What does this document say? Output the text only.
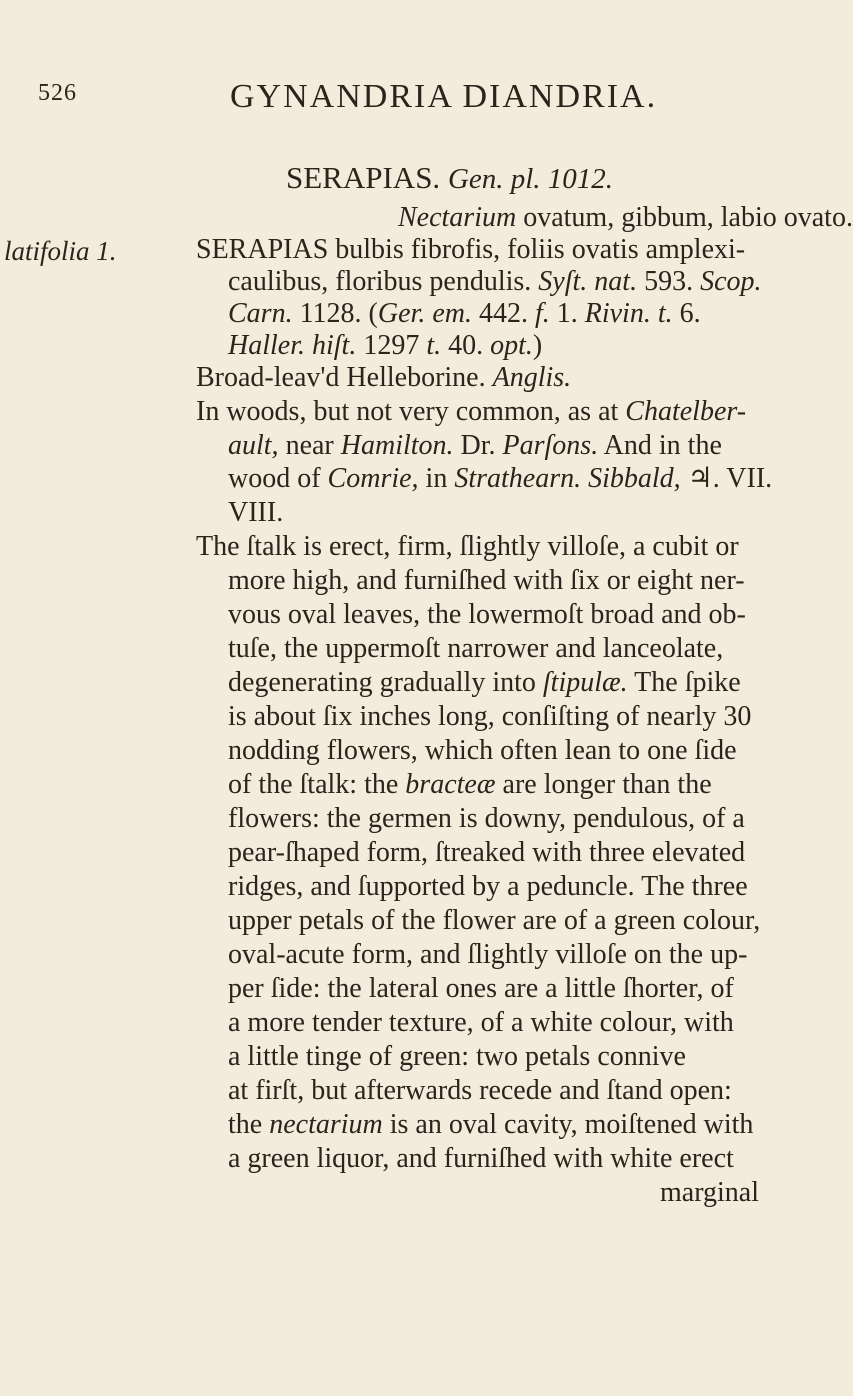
526	GYNANDRIA DIANDRIA.
SERAPIAS. Gen. pl. 1012.
latifolia 1.
Nectarium ovatum, gibbum, labio ovato.
SERAPIAS bulbis fibrofis, foliis ovatis amplexi-
caulibus, floribus pendulis. Syſt. nat. 593. Scop.
Carn. 1128. (Ger. em. 442. f. 1. Rivin. t. 6.
Haller. hiſt. 1297 t. 40. opt.)
Broad-leav'd Helleborine. Anglis.
In woods, but not very common, as at Chatelber-
ault, near Hamilton. Dr. Parſons. And in the
wood of Comrie, in Strathearn. Sibbald, ♃. VII.
VIII.
The ſtalk is erect, firm, ſlightly villoſe, a cubit or
more high, and furniſhed with ſix or eight ner-
vous oval leaves, the lowermoſt broad and ob-
tuſe, the uppermoſt narrower and lanceolate,
degenerating gradually into ſtipulæ. The ſpike
is about ſix inches long, conſiſting of nearly 30
nodding flowers, which often lean to one ſide
of the ſtalk: the bracteæ are longer than the
flowers: the germen is downy, pendulous, of a
pear-ſhaped form, ſtreaked with three elevated
ridges, and ſupported by a peduncle. The three
upper petals of the flower are of a green colour,
oval-acute form, and ſlightly villoſe on the up-
per ſide: the lateral ones are a little ſhorter, of
a more tender texture, of a white colour, with
a little tinge of green: two petals connive
at firſt, but afterwards recede and ſtand open:
the nectarium is an oval cavity, moiſtened with
a green liquor, and furniſhed with white erect
marginal
